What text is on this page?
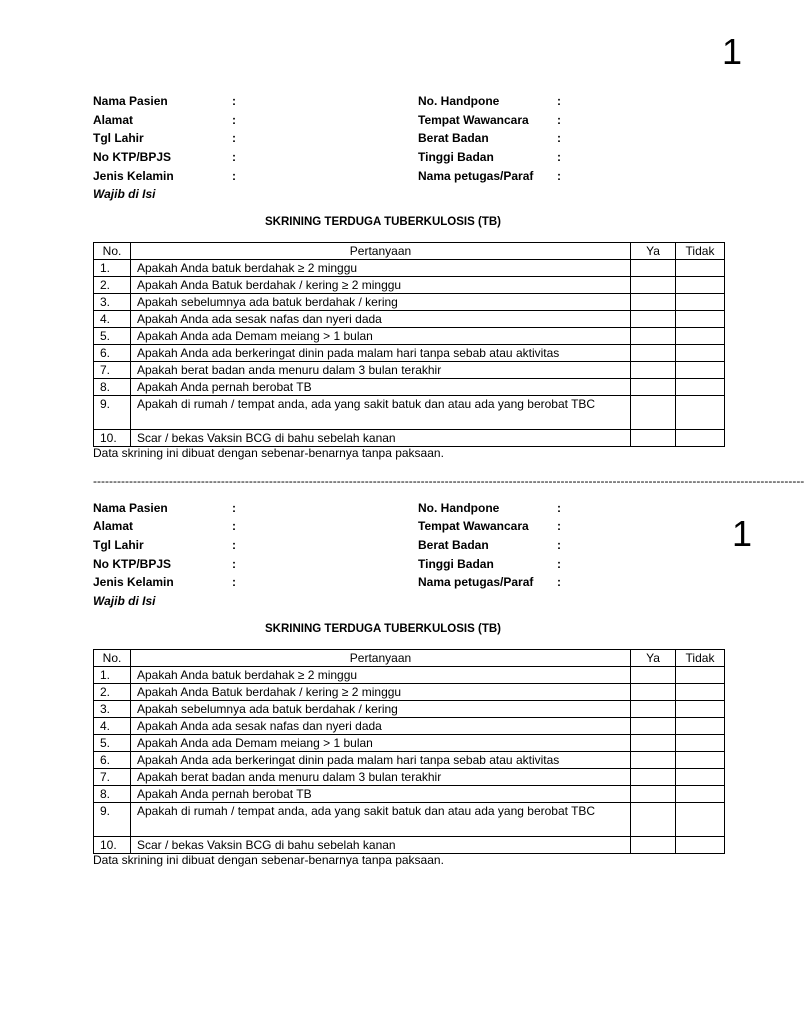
1
1
Nama Pasien	:	No. Handpone	:
Alamat	:	Tempat Wawancara :
Tgl Lahir	:	Berat Badan	:
No KTP/BPJS	:	Tinggi Badan	:
Jenis Kelamin	:	Nama petugas/Paraf :
Wajib di Isi
SKRINING TERDUGA TUBERKULOSIS (TB)
No.	Pertanyaan	Ya	Tidak
1.	Apakah Anda batuk berdahak ≥ 2 minggu		
2.	Apakah Anda Batuk berdahak / kering ≥ 2 minggu		
3.	Apakah sebelumnya ada batuk berdahak / kering		
4.	Apakah Anda ada sesak nafas dan nyeri dada		
5.	Apakah Anda ada Demam meiang > 1 bulan		
6.	Apakah Anda ada berkeringat dinin pada malam hari tanpa sebab atau aktivitas		
7.	Apakah berat badan anda menuru dalam 3 bulan terakhir		
8.	Apakah Anda pernah berobat TB		
9.	Apakah di rumah / tempat anda, ada yang sakit batuk dan atau ada yang berobat TBC		
10.	Scar / bekas Vaksin BCG di bahu sebelah kanan		
Data skrining ini dibuat dengan sebenar-benarnya tanpa paksaan.
----------------------------------------------------------------------------------------------------------------------------------------------------------------------------------
Nama Pasien	:	No. Handpone	:
Alamat	:	Tempat Wawancara :
Tgl Lahir	:	Berat Badan	:
No KTP/BPJS	:	Tinggi Badan	:
Jenis Kelamin	:	Nama petugas/Paraf :
Wajib di Isi
SKRINING TERDUGA TUBERKULOSIS (TB)
No.	Pertanyaan	Ya	Tidak
1.	Apakah Anda batuk berdahak ≥ 2 minggu		
2.	Apakah Anda Batuk berdahak / kering ≥ 2 minggu		
3.	Apakah sebelumnya ada batuk berdahak / kering		
4.	Apakah Anda ada sesak nafas dan nyeri dada		
5.	Apakah Anda ada Demam meiang > 1 bulan		
6.	Apakah Anda ada berkeringat dinin pada malam hari tanpa sebab atau aktivitas		
7.	Apakah berat badan anda menuru dalam 3 bulan terakhir		
8.	Apakah Anda pernah berobat TB		
9.	Apakah di rumah / tempat anda, ada yang sakit batuk dan atau ada yang berobat TBC		
10.	Scar / bekas Vaksin BCG di bahu sebelah kanan		
Data skrining ini dibuat dengan sebenar-benarnya tanpa paksaan.
